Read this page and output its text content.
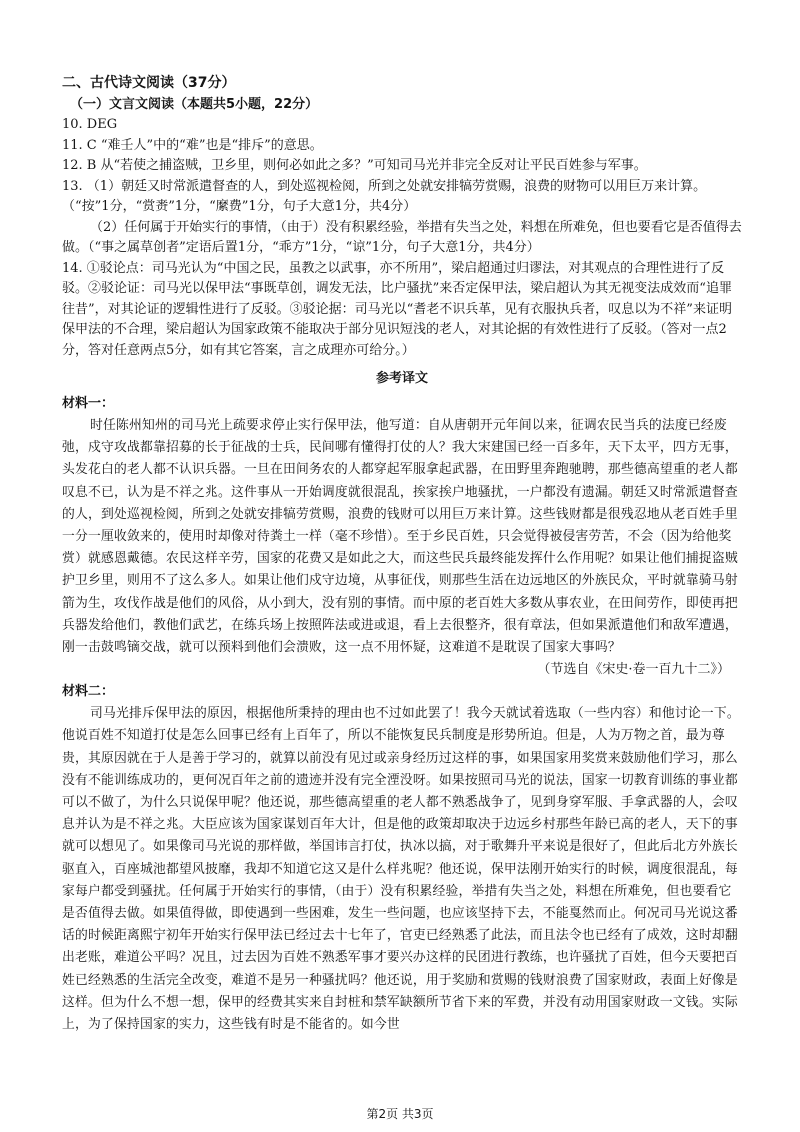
二、古代诗文阅读（37分）
（一）文言文阅读（本题共5小题，22分）

10. DEG

11. C “难壬人”中的“难”也是“排斥”的意思。

12. B 从“若使之捕盗贼，卫乡里，则何必如此之多？”可知司马光并非完全反对让平民百姓参与军事。

13. （1）朝廷又时常派遣督查的人，到处巡视检阅，所到之处就安排犒劳赏赐，浪费的财物可以用巨万来计算。（“按”1分，“赏赉”1分，“縻费”1分，句子大意1分，共4分）

（2）任何属于开始实行的事情，（由于）没有积累经验，举措有失当之处，料想在所难免，但也要看它是否值得去做。（“事之属草创者”定语后置1分，“乖方”1分，“谅”1分，句子大意1分，共4分）

14. ①驳论点：司马光认为“中国之民，虽教之以武事，亦不所用”，梁启超通过归谬法，对其观点的合理性进行了反驳。②驳论证：司马光以保甲法“事既草创，调发无法，比户骚扰”来否定保甲法，梁启超认为其无视变法成效而“追罪往昔”，对其论证的逻辑性进行了反驳。③驳论据：司马光以“耆老不识兵革，见有衣服执兵者，叹息以为不祥”来证明保甲法的不合理，梁启超认为国家政策不能取决于部分见识短浅的老人，对其论据的有效性进行了反驳。（答对一点2分，答对任意两点5分，如有其它答案，言之成理亦可给分。）

参考译文
材料一：

时任陈州知州的司马光上疏要求停止实行保甲法，他写道：自从唐朝开元年间以来，征调农民当兵的法度已经废弛，戍守攻战都靠招募的长于征战的士兵，民间哪有懂得打仗的人？我大宋建国已经一百多年，天下太平，四方无事，头发花白的老人都不认识兵器。一旦在田间务农的人都穿起军服拿起武器，在田野里奔跑驰聘，那些德高望重的老人都叹息不已，认为是不祥之兆。这件事从一开始调度就很混乱，挨家挨户地骚扰，一户都没有遗漏。朝廷又时常派遣督查的人，到处巡视检阅，所到之处就安排犒劳赏赐，浪费的钱财可以用巨万来计算。这些钱财都是很残忍地从老百姓手里一分一厘收敛来的，使用时却像对待粪土一样（毫不珍惜）。至于乡民百姓，只会觉得被侵害劳苦，不会（因为给他奖赏）就感恩戴德。农民这样辛劳，国家的花费又是如此之大，而这些民兵最终能发挥什么作用呢？如果让他们捕捉盗贼护卫乡里，则用不了这么多人。如果让他们戍守边境，从事征伐，则那些生活在边远地区的外族民众，平时就靠骑马射箭为生，攻伐作战是他们的风俗，从小到大，没有别的事情。而中原的老百姓大多数从事农业，在田间劳作，即使再把兵器发给他们，教他们武艺，在练兵场上按照阵法或进或退，看上去很整齐，很有章法，但如果派遣他们和敌军遭遇，刚一击鼓鸣镝交战，就可以预料到他们会溃败，这一点不用怀疑，这难道不是耽误了国家大事吗？

（节选自《宋史·卷一百九十二》）
材料二：

司马光排斥保甲法的原因，根据他所秉持的理由也不过如此罢了！我今天就试着选取（一些内容）和他讨论一下。他说百姓不知道打仗是怎么回事已经有上百年了，所以不能恢复民兵制度是形势所迫。但是，人为万物之首，最为尊贵，其原因就在于人是善于学习的，就算以前没有见过或亲身经历过这样的事，如果国家用奖赏来鼓励他们学习，那么没有不能训练成功的，更何况百年之前的遗迹并没有完全湮没呀。如果按照司马光的说法，国家一切教育训练的事业都可以不做了，为什么只说保甲呢？他还说，那些德高望重的老人都不熟悉战争了，见到身穿军服、手拿武器的人，会叹息并认为是不祥之兆。大臣应该为国家谋划百年大计，但是他的政策却取决于边远乡村那些年龄已高的老人，天下的事就可以想见了。如果像司马光说的那样做，举国讳言打仗，执冰以搞，对于歌舞升平来说是很好了，但此后北方外族长驱直入，百座城池都望风披靡，我却不知道它这又是什么样兆呢？他还说，保甲法刚开始实行的时候，调度很混乱，每家每户都受到骚扰。任何属于开始实行的事情，（由于）没有积累经验，举措有失当之处，料想在所难免，但也要看它是否值得去做。如果值得做，即使遇到一些困难，发生一些问题，也应该坚持下去，不能戛然而止。何况司马光说这番话的时候距离熙宁初年开始实行保甲法已经过去十七年了，官吏已经熟悉了此法，而且法令也已经有了成效，这时却翻出老账，难道公平吗？况且，过去因为百姓不熟悉军事才要兴办这样的民团进行教练，也许骚扰了百姓，但今天要把百姓已经熟悉的生活完全改变，难道不是另一种骚扰吗？他还说，用于奖励和赏赐的钱财浪费了国家财政，表面上好像是这样。但为什么不想一想，保甲的经费其实来自封桩和禁军缺额所节省下来的军费，并没有动用国家财政一文钱。实际上，为了保持国家的实力，这些钱有时是不能省的。如今世

第2页 共3页
